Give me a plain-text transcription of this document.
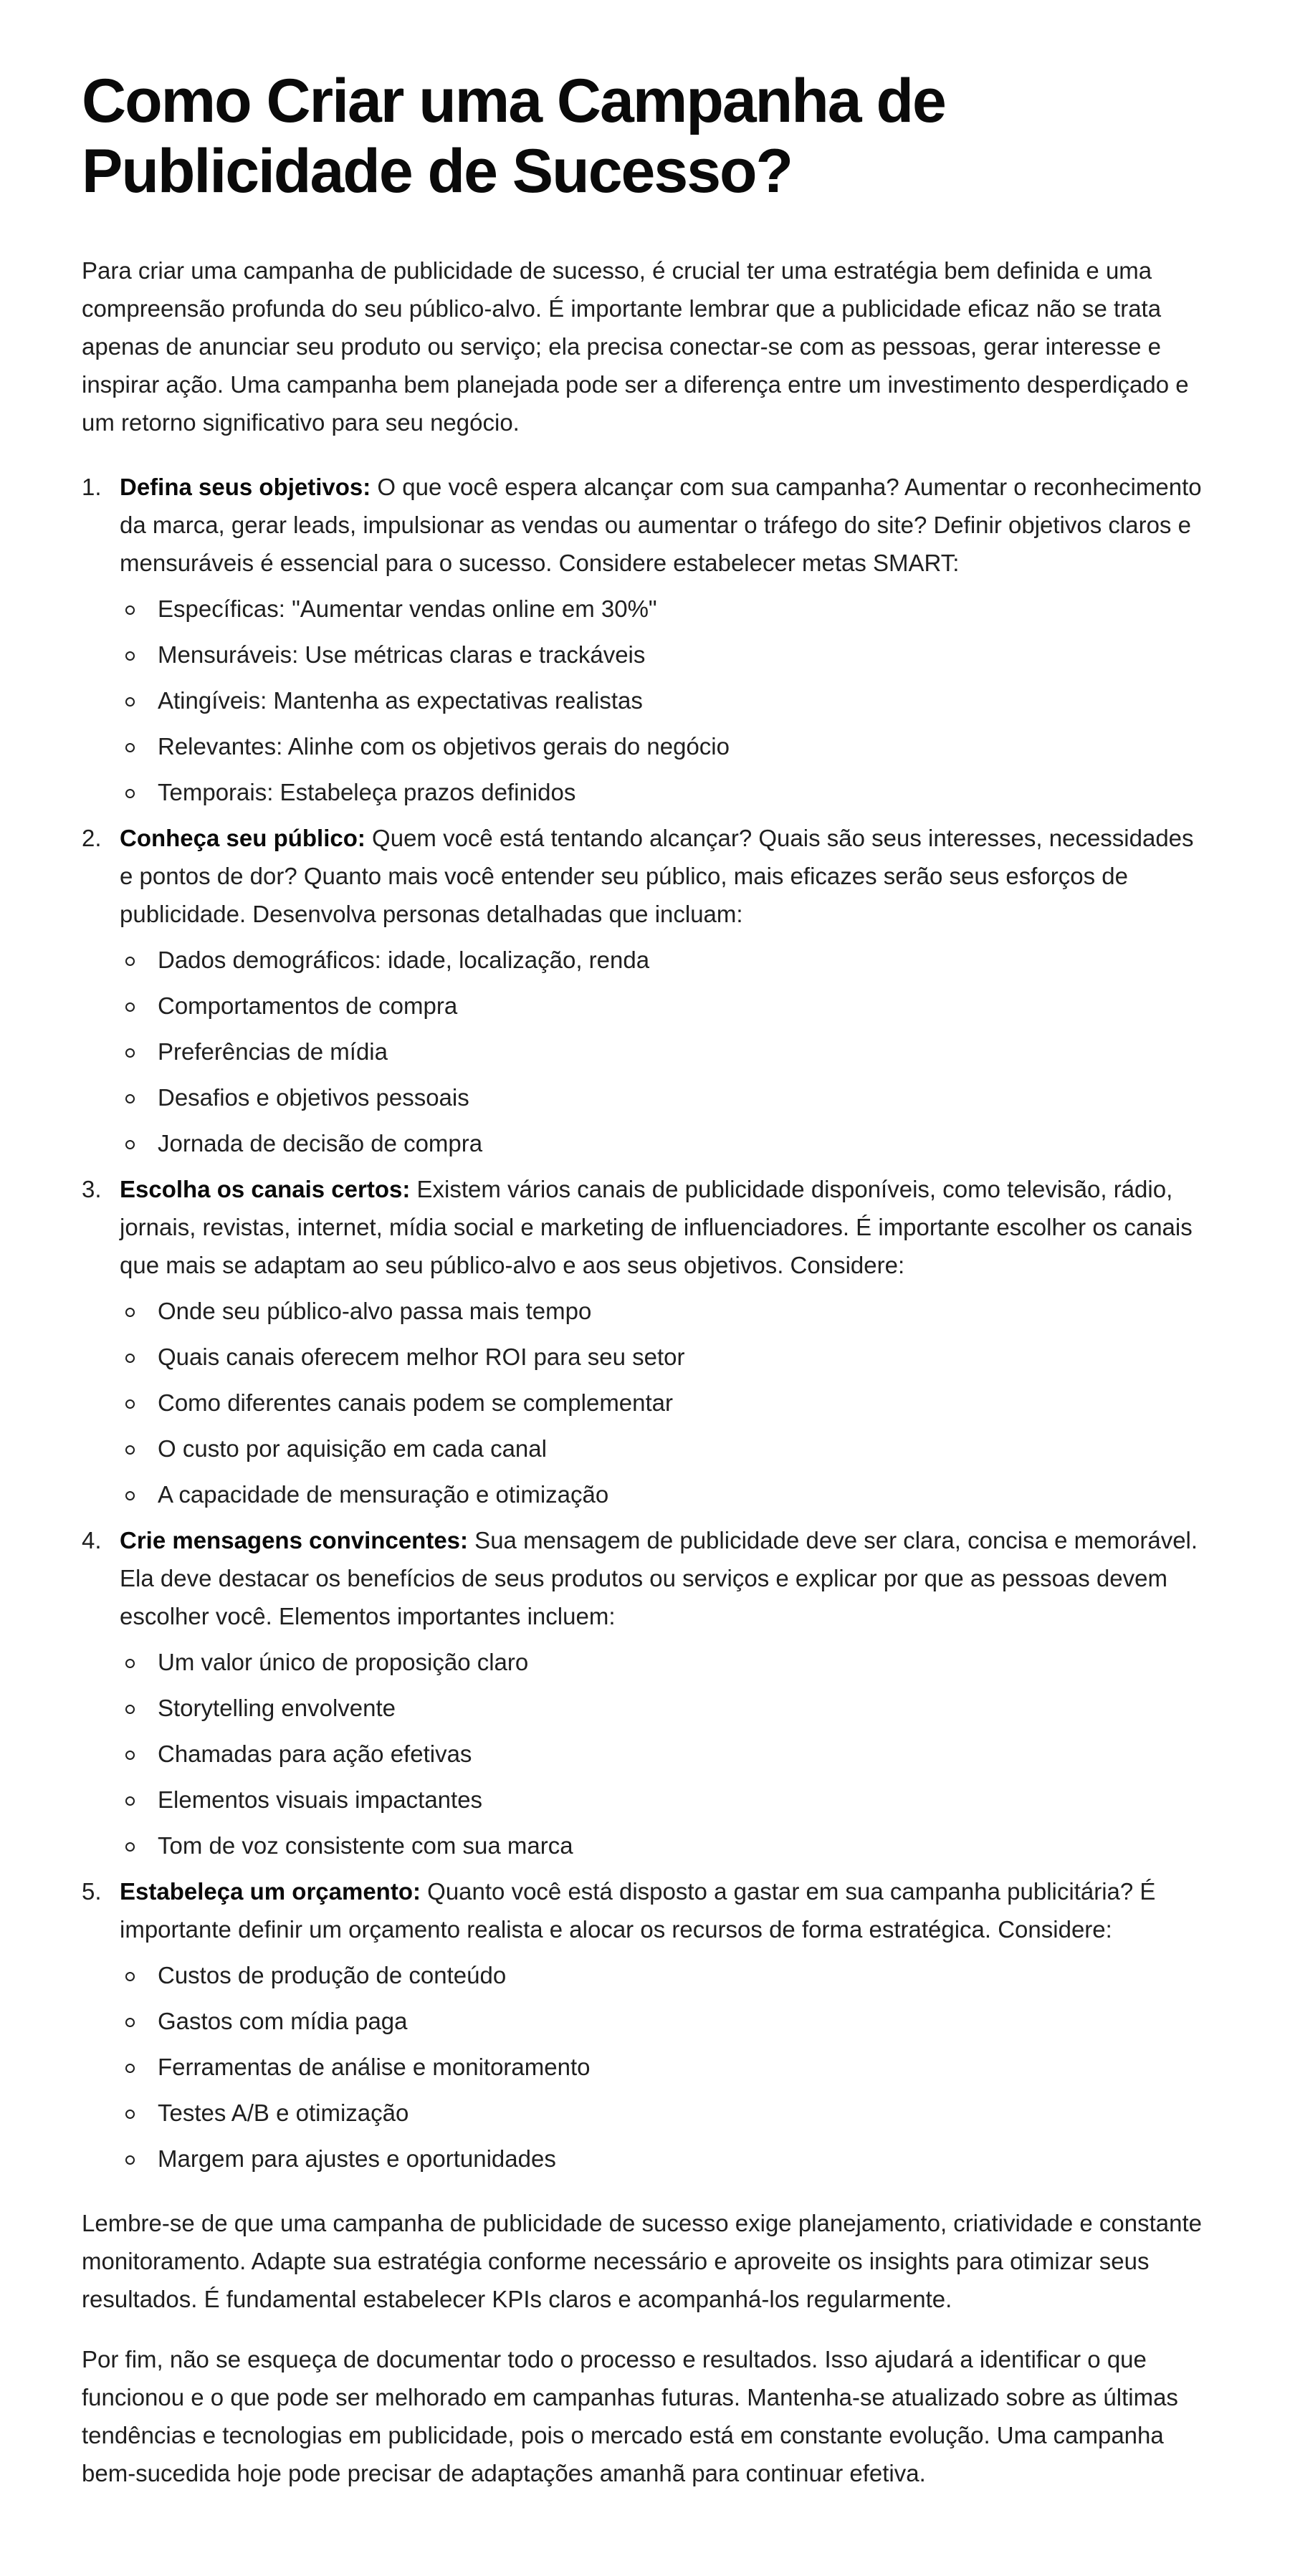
Como Criar uma Campanha de Publicidade de Sucesso?

Para criar uma campanha de publicidade de sucesso, é crucial ter uma estratégia bem definida e uma compreensão profunda do seu público-alvo. É importante lembrar que a publicidade eficaz não se trata apenas de anunciar seu produto ou serviço; ela precisa conectar-se com as pessoas, gerar interesse e inspirar ação. Uma campanha bem planejada pode ser a diferença entre um investimento desperdiçado e um retorno significativo para seu negócio.

1. Defina seus objetivos: O que você espera alcançar com sua campanha? Aumentar o reconhecimento da marca, gerar leads, impulsionar as vendas ou aumentar o tráfego do site? Definir objetivos claros e mensuráveis é essencial para o sucesso. Considere estabelecer metas SMART:
Específicas: "Aumentar vendas online em 30%"
Mensuráveis: Use métricas claras e trackáveis
Atingíveis: Mantenha as expectativas realistas
Relevantes: Alinhe com os objetivos gerais do negócio
Temporais: Estabeleça prazos definidos
2. Conheça seu público: Quem você está tentando alcançar? Quais são seus interesses, necessidades e pontos de dor? Quanto mais você entender seu público, mais eficazes serão seus esforços de publicidade. Desenvolva personas detalhadas que incluam:
Dados demográficos: idade, localização, renda
Comportamentos de compra
Preferências de mídia
Desafios e objetivos pessoais
Jornada de decisão de compra
3. Escolha os canais certos: Existem vários canais de publicidade disponíveis, como televisão, rádio, jornais, revistas, internet, mídia social e marketing de influenciadores. É importante escolher os canais que mais se adaptam ao seu público-alvo e aos seus objetivos. Considere:
Onde seu público-alvo passa mais tempo
Quais canais oferecem melhor ROI para seu setor
Como diferentes canais podem se complementar
O custo por aquisição em cada canal
A capacidade de mensuração e otimização
4. Crie mensagens convincentes: Sua mensagem de publicidade deve ser clara, concisa e memorável. Ela deve destacar os benefícios de seus produtos ou serviços e explicar por que as pessoas devem escolher você. Elementos importantes incluem:
Um valor único de proposição claro
Storytelling envolvente
Chamadas para ação efetivas
Elementos visuais impactantes
Tom de voz consistente com sua marca
5. Estabeleça um orçamento: Quanto você está disposto a gastar em sua campanha publicitária? É importante definir um orçamento realista e alocar os recursos de forma estratégica. Considere:
Custos de produção de conteúdo
Gastos com mídia paga
Ferramentas de análise e monitoramento
Testes A/B e otimização
Margem para ajustes e oportunidades

Lembre-se de que uma campanha de publicidade de sucesso exige planejamento, criatividade e constante monitoramento. Adapte sua estratégia conforme necessário e aproveite os insights para otimizar seus resultados. É fundamental estabelecer KPIs claros e acompanhá-los regularmente.

Por fim, não se esqueça de documentar todo o processo e resultados. Isso ajudará a identificar o que funcionou e o que pode ser melhorado em campanhas futuras. Mantenha-se atualizado sobre as últimas tendências e tecnologias em publicidade, pois o mercado está em constante evolução. Uma campanha bem-sucedida hoje pode precisar de adaptações amanhã para continuar efetiva.
